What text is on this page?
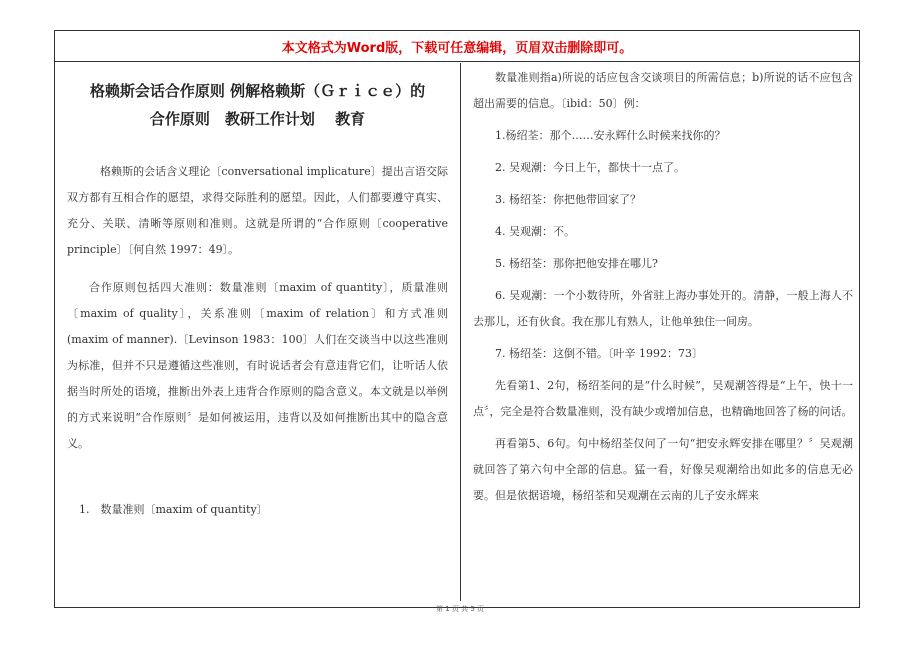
本文格式为Word版，下载可任意编辑，页眉双击删除即可。
格赖斯会话合作原则 例解格赖斯（Ｇｒｉｃｅ）的
合作原则　教研工作计划　 教育

格赖斯的会话含义理论〔conversational implicature〕提出言语交际双方都有互相合作的愿望，求得交际胜利的愿望。因此，人们都要遵守真实、充分、关联、清晰等原则和准则。这就是所谓的“合作原则〔cooperative principle〕〔何自然 1997：49〕。

合作原则包括四大准则：数量准则〔maxim of quantity〕，质量准则〔maxim of quality〕，关系准则〔maxim of relation〕和方式准则(maxim of manner).〔Levinson 1983：100〕人们在交谈当中以这些准则为标准，但并不只是遵循这些准则，有时说话者会有意违背它们，让听话人依据当时所处的语境，推断出外表上违背合作原则的隐含意义。本文就是以举例的方式来说明“合作原则〞是如何被运用，违背以及如何推断出其中的隐含意义。

1.　数量准则〔maxim of quantity〕

数量准则指a)所说的话应包含交谈项目的所需信息；b)所说的话不应包含超出需要的信息。〔ibid：50〕例：

1.杨绍荃：那个……安永辉什么时候来找你的？

2. 吴观潮：今日上午，都快十一点了。

3. 杨绍荃：你把他带回家了？

4. 吴观潮：不。

5. 杨绍荃：那你把他安排在哪儿?

6. 吴观潮：一个小数待所，外省驻上海办事处开的。清静，一般上海人不去那儿，还有伙食。我在那儿有熟人，让他单独住一间房。

7. 杨绍荃：这倒不错。〔叶辛 1992：73〕

先看第1、2句，杨绍荃问的是“什么时候”，吴观潮答得是“上午，快十一点〞，完全是符合数量准则，没有缺少或增加信息，也精确地回答了杨的问话。

再看第5、6句。句中杨绍荃仅问了一句“把安永辉安排在哪里？〞吴观潮就回答了第六句中全部的信息。猛一看，好像吴观潮给出如此多的信息无必要。但是依据语境，杨绍荃和吴观潮在云南的儿子安永辉来

第 1 页 共 5 页
